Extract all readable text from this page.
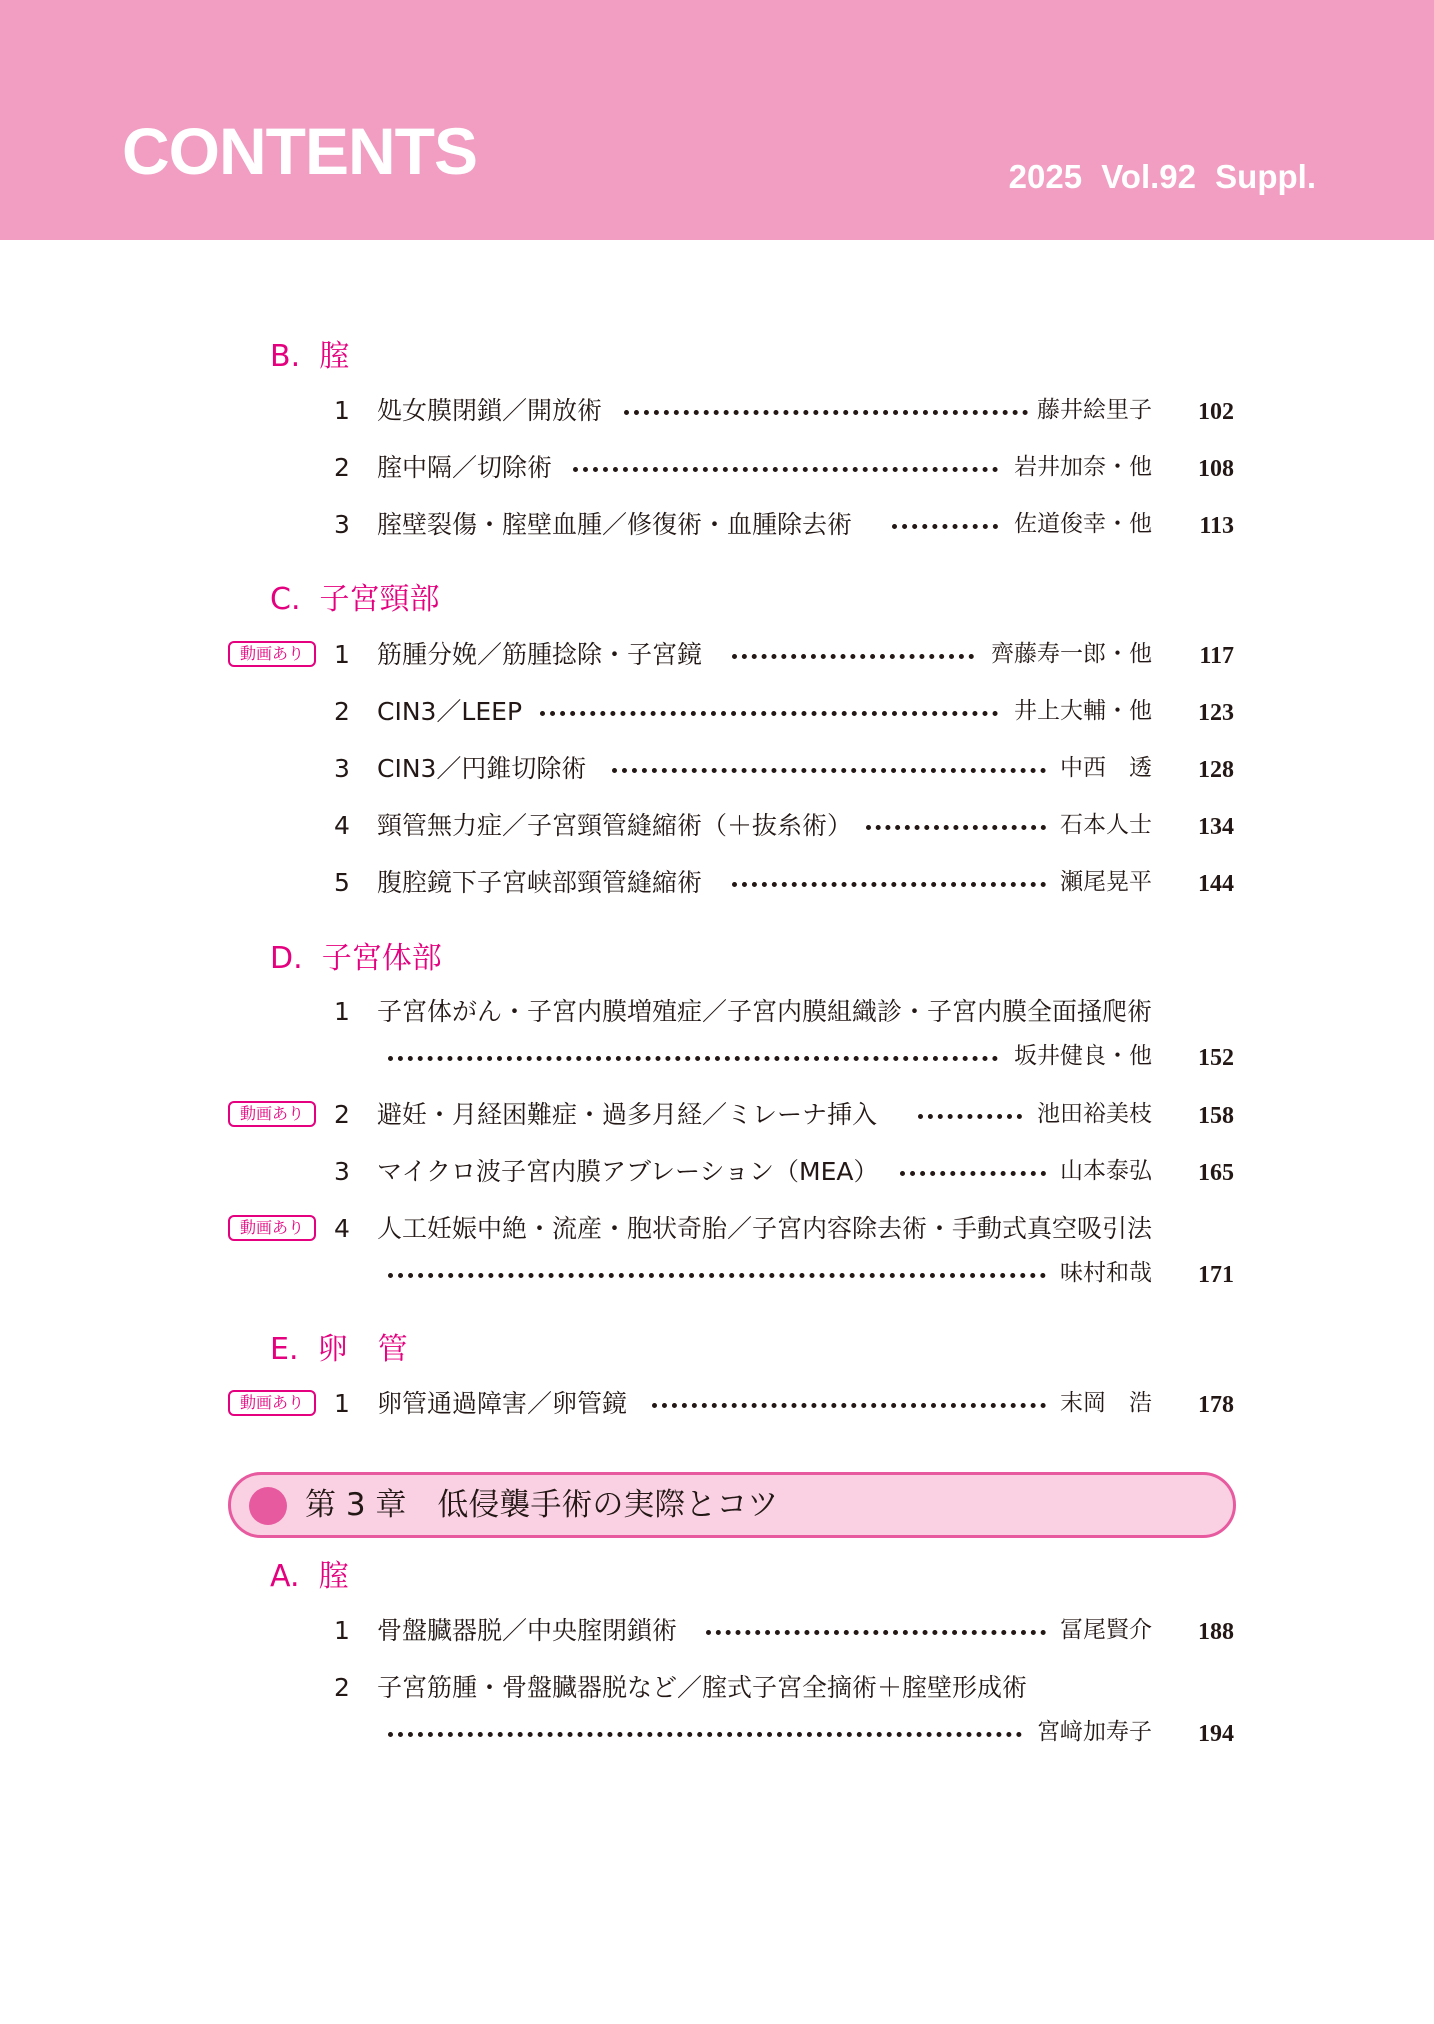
CONTENTS	2025 Vol.92 Suppl.
B.  腟
1 処女膜閉鎖／開放術	藤井絵里子 102
2 腟中隔／切除術	岩井加奈・他 108
3 腟壁裂傷・腟壁血腫／修復術・血腫除去術	佐道俊幸・他 113
C.  子宮頸部
動画あり	1 筋腫分娩／筋腫捻除・子宮鏡	齊藤寿一郎・他 117
2 CIN3／LEEP	井上大輔・他 123
3 CIN3／円錐切除術	中西　透 128
4 頸管無力症／子宮頸管縫縮術（＋抜糸術）	石本人士 134
5 腹腔鏡下子宮峡部頸管縫縮術	瀬尾晃平 144
D.  子宮体部
1 子宮体がん・子宮内膜増殖症／子宮内膜組織診・子宮内膜全面掻爬術
坂井健良・他 152
動画あり	2 避妊・月経困難症・過多月経／ミレーナ挿入	池田裕美枝 158
3 マイクロ波子宮内膜アブレーション（MEA）	山本泰弘 165
動画あり	4 人工妊娠中絶・流産・胞状奇胎／子宮内容除去術・手動式真空吸引法
味村和哉 171
E.  卵　管
動画あり	1 卵管通過障害／卵管鏡	末岡　浩 178
第 3 章　低侵襲手術の実際とコツ
A.  腟
1 骨盤臓器脱／中央腟閉鎖術	冨尾賢介 188
2 子宮筋腫・骨盤臓器脱など／腟式子宮全摘術＋腟壁形成術
宮﨑加寿子 194
